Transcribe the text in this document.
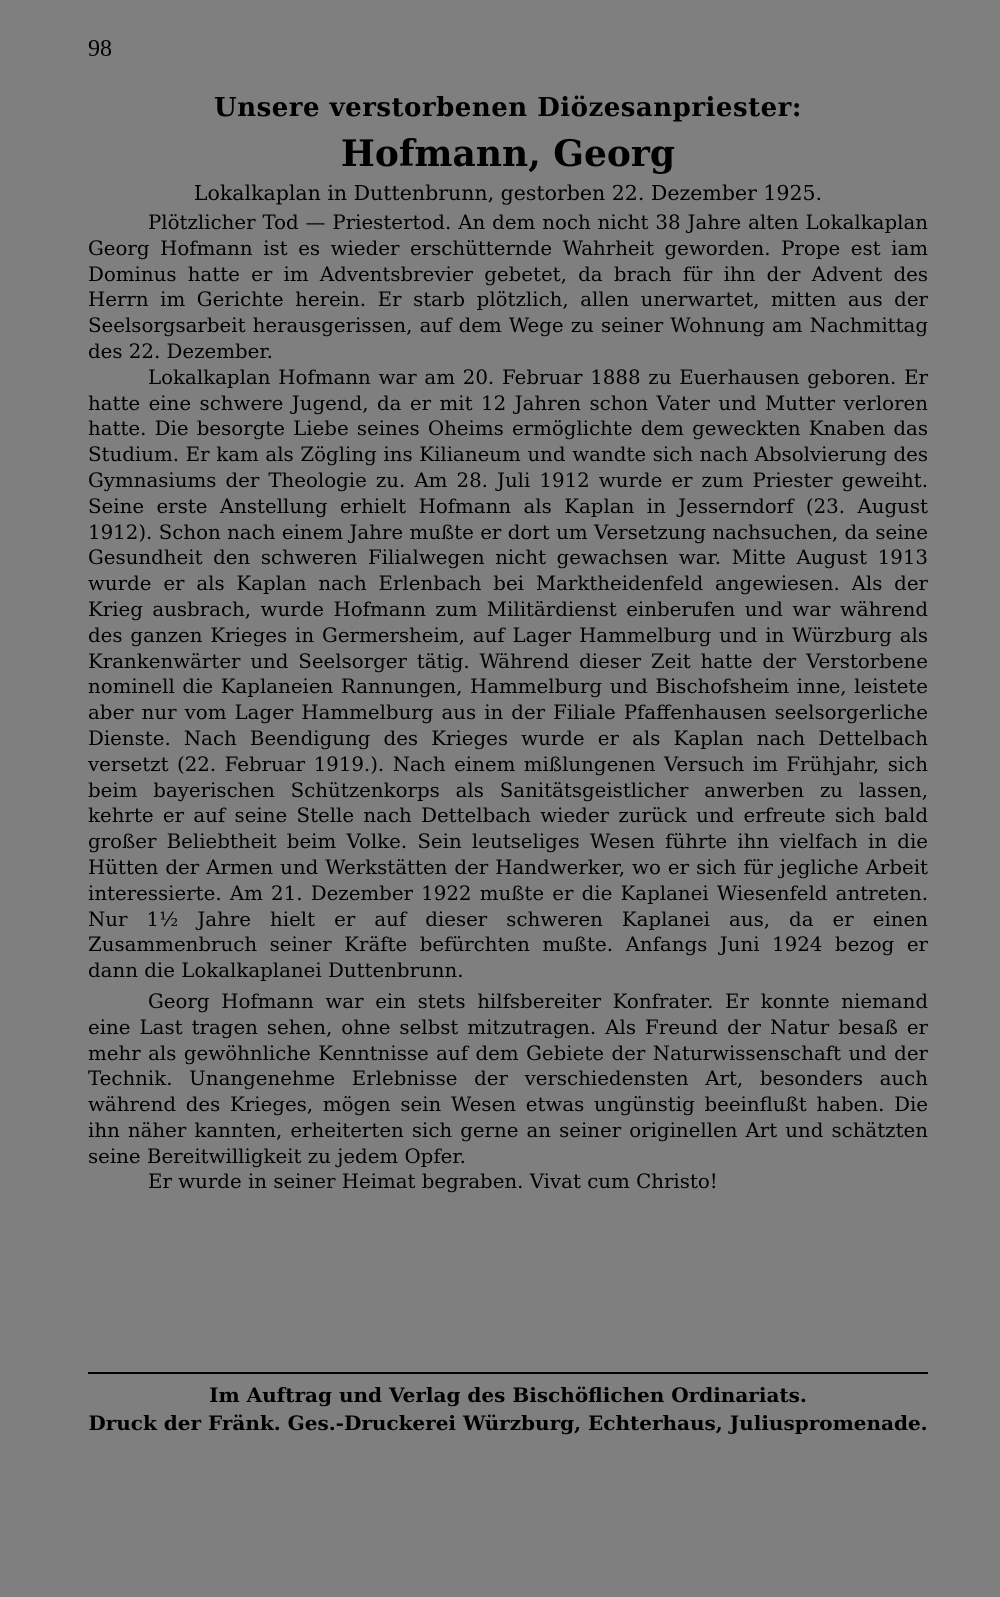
98
Unsere verstorbenen Diözesanpriester:
Hofmann, Georg
Lokalkaplan in Duttenbrunn, gestorben 22. Dezember 1925.

Plötzlicher Tod — Priestertod. An dem noch nicht 38 Jahre alten Lokalkaplan Georg Hofmann ist es wieder erschütternde Wahrheit geworden. Prope est iam Dominus hatte er im Adventsbrevier gebetet, da brach für ihn der Advent des Herrn im Gerichte herein. Er starb plötzlich, allen unerwartet, mitten aus der Seelsorgsarbeit herausgerissen, auf dem Wege zu seiner Wohnung am Nachmittag des 22. Dezember.

Lokalkaplan Hofmann war am 20. Februar 1888 zu Euerhausen geboren. Er hatte eine schwere Jugend, da er mit 12 Jahren schon Vater und Mutter verloren hatte. Die besorgte Liebe seines Oheims ermöglichte dem geweckten Knaben das Studium. Er kam als Zögling ins Kilianeum und wandte sich nach Absolvierung des Gymnasiums der Theologie zu. Am 28. Juli 1912 wurde er zum Priester geweiht. Seine erste Anstellung erhielt Hofmann als Kaplan in Jesserndorf (23. August 1912). Schon nach einem Jahre mußte er dort um Versetzung nachsuchen, da seine Gesundheit den schweren Filialwegen nicht gewachsen war. Mitte August 1913 wurde er als Kaplan nach Erlenbach bei Marktheidenfeld angewiesen. Als der Krieg ausbrach, wurde Hofmann zum Militärdienst einberufen und war während des ganzen Krieges in Germersheim, auf Lager Hammelburg und in Würzburg als Krankenwärter und Seelsorger tätig. Während dieser Zeit hatte der Verstorbene nominell die Kaplaneien Rannungen, Hammelburg und Bischofsheim inne, leistete aber nur vom Lager Hammelburg aus in der Filiale Pfaffenhausen seelsorgerliche Dienste. Nach Beendigung des Krieges wurde er als Kaplan nach Dettelbach versetzt (22. Februar 1919.). Nach einem mißlungenen Versuch im Frühjahr, sich beim bayerischen Schützenkorps als Sanitätsgeistlicher anwerben zu lassen, kehrte er auf seine Stelle nach Dettelbach wieder zurück und erfreute sich bald großer Beliebtheit beim Volke. Sein leutseliges Wesen führte ihn vielfach in die Hütten der Armen und Werkstätten der Handwerker, wo er sich für jegliche Arbeit interessierte. Am 21. Dezember 1922 mußte er die Kaplanei Wiesenfeld antreten. Nur 1½ Jahre hielt er auf dieser schweren Kaplanei aus, da er einen Zusammenbruch seiner Kräfte befürchten mußte. Anfangs Juni 1924 bezog er dann die Lokalkaplanei Duttenbrunn.

Georg Hofmann war ein stets hilfsbereiter Konfrater. Er konnte niemand eine Last tragen sehen, ohne selbst mitzutragen. Als Freund der Natur besaß er mehr als gewöhnliche Kenntnisse auf dem Gebiete der Naturwissenschaft und der Technik. Unangenehme Erlebnisse der verschiedensten Art, besonders auch während des Krieges, mögen sein Wesen etwas ungünstig beeinflußt haben. Die ihn näher kannten, erheiterten sich gerne an seiner originellen Art und schätzten seine Bereitwilligkeit zu jedem Opfer.

Er wurde in seiner Heimat begraben. Vivat cum Christo!

Im Auftrag und Verlag des Bischöflichen Ordinariats.
Druck der Fränk. Ges.-Druckerei Würzburg, Echterhaus, Juliuspromenade.
